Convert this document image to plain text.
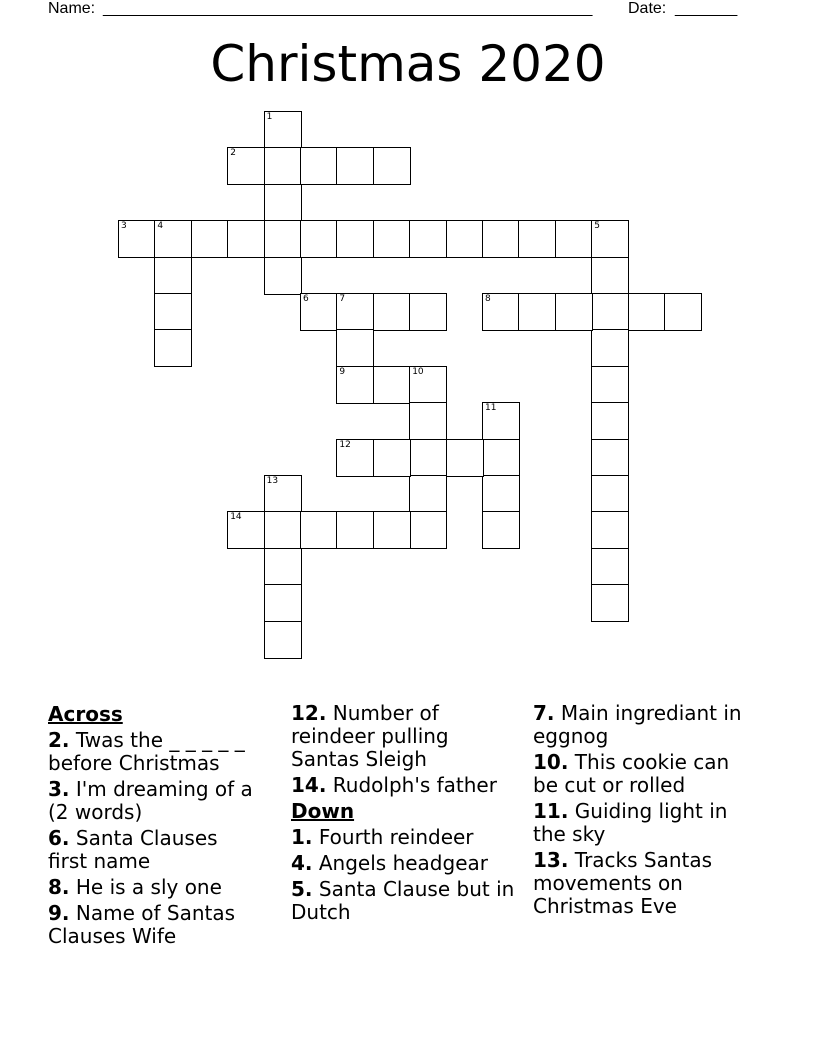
Name: _______________________________________________________ Date: _______
Christmas 2020
1
2
3	4	5
6	7
9
8
10
11
12
13
14
Across
2. Twas the _ _ _ _ _ before Christmas
3. I'm dreaming of a (2 words)
6. Santa Clauses first name
8. He is a sly one
9. Name of Santas Clauses Wife
12. Number of reindeer pulling Santas Sleigh
14. Rudolph's father
Down
1. Fourth reindeer
4. Angels headgear
5. Santa Clause but in Dutch
7. Main ingrediant in eggnog
10. This cookie can be cut or rolled
11. Guiding light in the sky
13. Tracks Santas movements on Christmas Eve
